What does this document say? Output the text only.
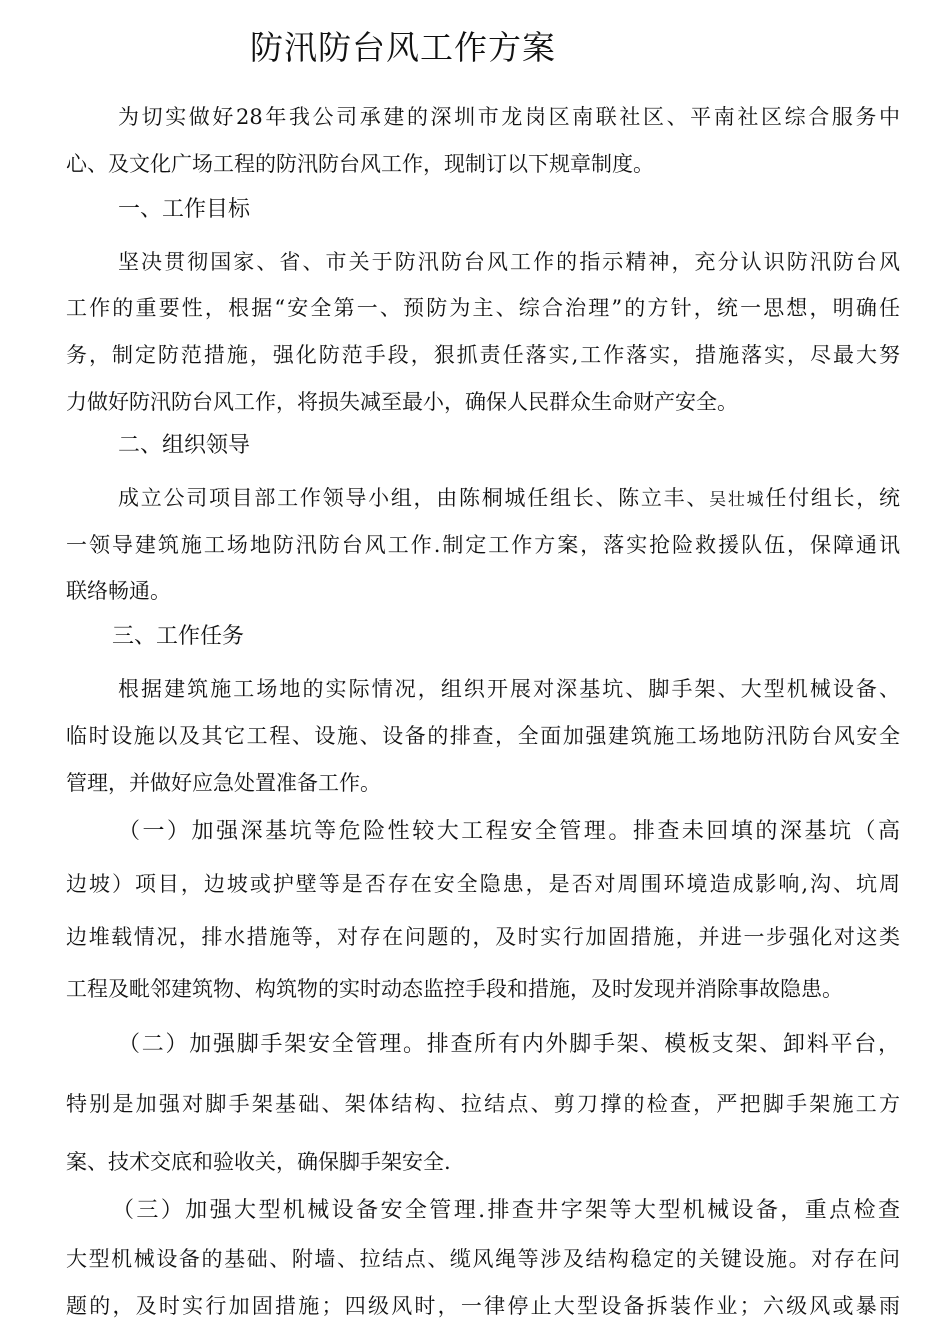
防汛防台风工作方案
为切实做好28年我公司承建的深圳市龙岗区南联社区、平南社区综合服务中
心、及文化广场工程的防汛防台风工作，现制订以下规章制度。
一、工作目标
坚决贯彻国家、省、市关于防汛防台风工作的指示精神，充分认识防汛防台风
工作的重要性，根据“安全第一、预防为主、综合治理”的方针，统一思想，明确任
务，制定防范措施，强化防范手段，狠抓责任落实,工作落实，措施落实，尽最大努
力做好防汛防台风工作，将损失减至最小，确保人民群众生命财产安全。
二、组织领导
成立公司项目部工作领导小组，由陈桐城任组长、陈立丰、吴壮城任付组长，统
一领导建筑施工场地防汛防台风工作.制定工作方案，落实抢险救援队伍，保障通讯
联络畅通。
三、工作任务
根据建筑施工场地的实际情况，组织开展对深基坑、脚手架、大型机械设备、
临时设施以及其它工程、设施、设备的排查，全面加强建筑施工场地防汛防台风安全
管理，并做好应急处置准备工作。
（一）加强深基坑等危险性较大工程安全管理。排查未回填的深基坑（高
边坡）项目，边坡或护壁等是否存在安全隐患，是否对周围环境造成影响,沟、坑周
边堆载情况，排水措施等，对存在问题的，及时实行加固措施，并进一步强化对这类
工程及毗邻建筑物、构筑物的实时动态监控手段和措施，及时发现并消除事故隐患。
（二）加强脚手架安全管理。排查所有内外脚手架、模板支架、卸料平台，
特别是加强对脚手架基础、架体结构、拉结点、剪刀撑的检查，严把脚手架施工方
案、技术交底和验收关，确保脚手架安全.
（三）加强大型机械设备安全管理.排查井字架等大型机械设备，重点检查
大型机械设备的基础、附墙、拉结点、缆风绳等涉及结构稳定的关键设施。对存在问
题的，及时实行加固措施；四级风时，一律停止大型设备拆装作业；六级风或暴雨
